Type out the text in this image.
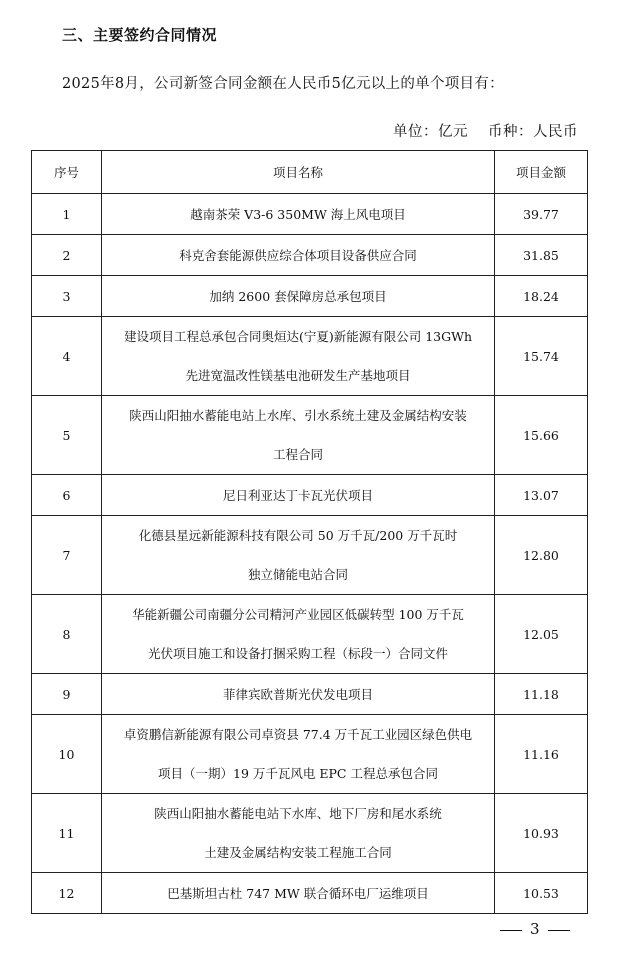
三、主要签约合同情况
2025年8月，公司新签合同金额在人民币5亿元以上的单个项目有：
单位：亿元 币种：人民币
序号	项目名称	项目金额
1	越南茶荣 V3-6 350MW 海上风电项目	39.77
2	科克舍套能源供应综合体项目设备供应合同	31.85
3	加纳 2600 套保障房总承包项目	18.24
4	建设项目工程总承包合同奥烜达(宁夏)新能源有限公司 13GWh
先进宽温改性镁基电池研发生产基地项目	15.74
5	陕西山阳抽水蓄能电站上水库、引水系统土建及金属结构安装
工程合同	15.66
6	尼日利亚达丁卡瓦光伏项目	13.07
7	化德县星远新能源科技有限公司 50 万千瓦/200 万千瓦时
独立储能电站合同	12.80
8	华能新疆公司南疆分公司精河产业园区低碳转型 100 万千瓦
光伏项目施工和设备打捆采购工程（标段一）合同文件	12.05
9	菲律宾欧普斯光伏发电项目	11.18
10	卓资鹏信新能源有限公司卓资县 77.4 万千瓦工业园区绿色供电
项目（一期）19 万千瓦风电 EPC 工程总承包合同	11.16
11	陕西山阳抽水蓄能电站下水库、地下厂房和尾水系统
土建及金属结构安装工程施工合同	10.93
12	巴基斯坦古杜 747 MW 联合循环电厂运维项目	10.53
3
